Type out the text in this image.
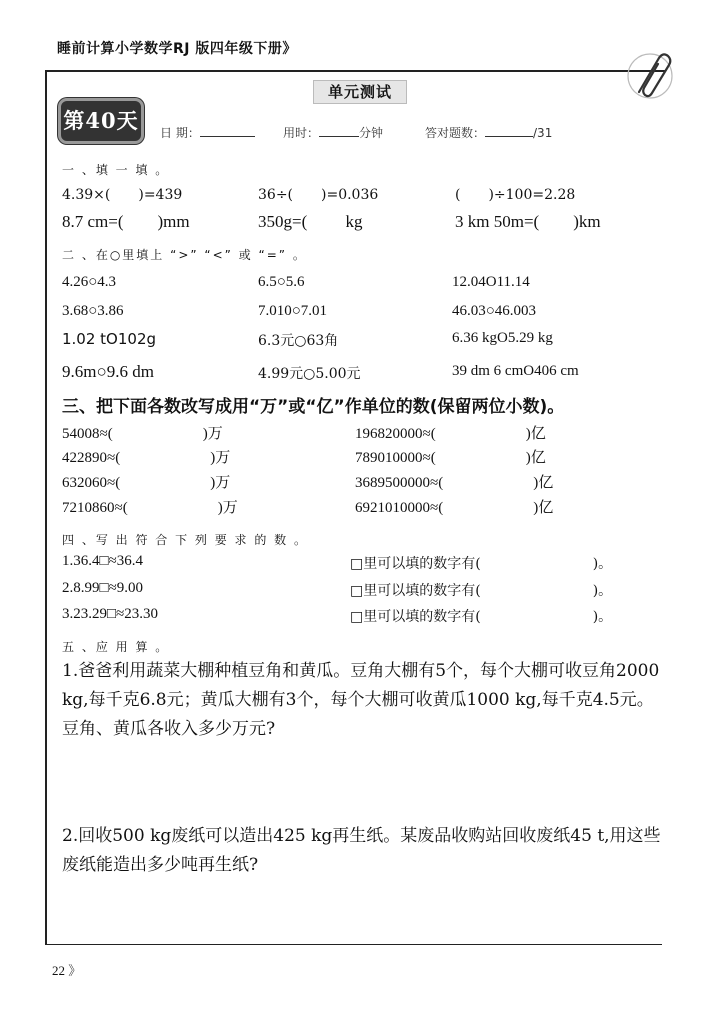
睡前计算小学数学RJ 版四年级下册》
单元测试
第40天	日 期：	用时：	分钟	答对题数：	/31
一 、填 一 填 。
4.39×(　　)=439	36÷(　　)=0.036	(　　)÷100=2.28
8.7 cm=(　　)mm	350g=(　　 kg	3 km 50m=(　　)km
二 、在○里填上 “>” “<” 或 “=” 。
4.26○4.3	6.5○5.6	12.04O11.14
3.68○3.86	7.010○7.01	46.03○46.003
1.02 tO102g	6.3元○63角	6.36 kgO5.29 kg
9.6m○9.6 dm	4.99元○5.00元	39 dm 6 cmO406 cm
三、把下面各数改写成用“万”或“亿”作单位的数(保留两位小数)。
54008≈(　　　　　　)万	196820000≈(　　　　　　)亿
422890≈(　　　　　　)万	789010000≈(　　　　　　)亿
632060≈(　　　　　　)万	3689500000≈(　　　　　　)亿
7210860≈(　　　　　　)万	6921010000≈(　　　　　　)亿
四 、写 出 符 合 下 列 要 求 的 数 。
1.36.4□≈36.4	□里可以填的数字有(　　　　　　　　)。
2.8.99□≈9.00	□里可以填的数字有(　　　　　　　　)。
3.23.29□≈23.30	□里可以填的数字有(　　　　　　　　)。
五 、应 用 算 。
1.爸爸利用蔬菜大棚种植豆角和黄瓜。豆角大棚有5个，每个大棚可收豆角2000 kg,每千克6.8元；黄瓜大棚有3个，每个大棚可收黄瓜1000 kg,每千克4.5元。豆角、黄瓜各收入多少万元?
2.回收500 kg废纸可以造出425 kg再生纸。某废品收购站回收废纸45 t,用这些废纸能造出多少吨再生纸?
22 》
